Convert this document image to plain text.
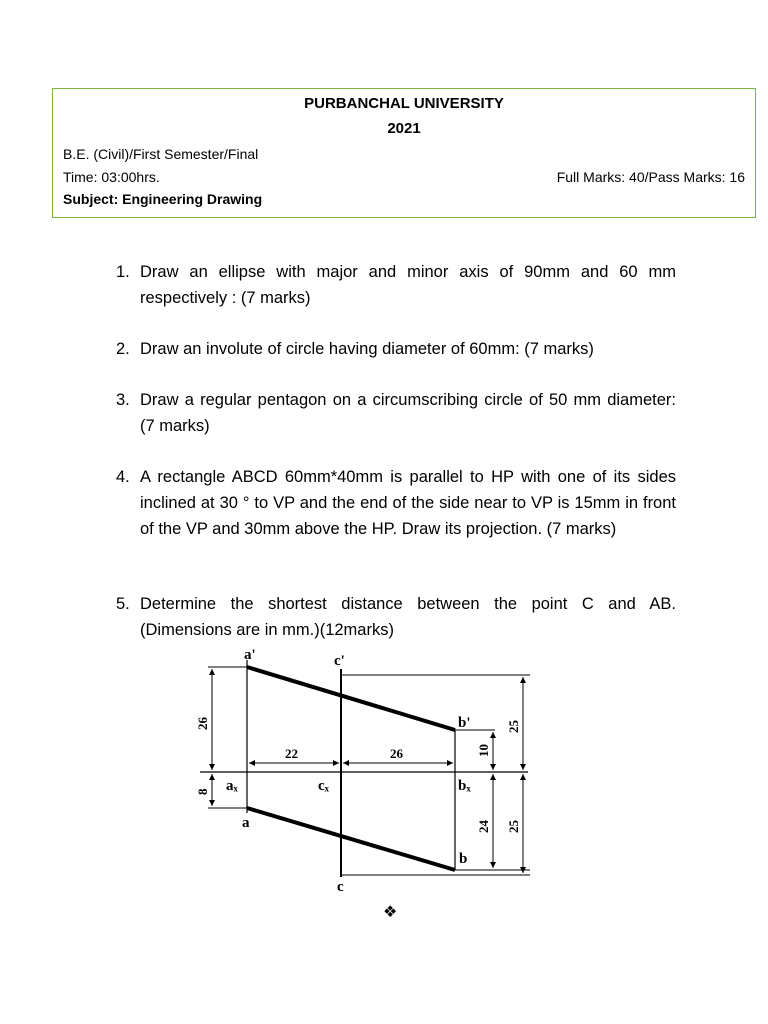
PURBANCHAL UNIVERSITY
2021
B.E. (Civil)/First Semester/Final
Time: 03:00hrs.	Full Marks: 40/Pass Marks: 16
Subject: Engineering Drawing
1. Draw an ellipse with major and minor axis of 90mm and 60 mm respectively : (7 marks)
2. Draw an involute of circle having diameter of 60mm: (7 marks)
3. Draw a regular pentagon on a circumscribing circle of 50 mm diameter: (7 marks)
4. A rectangle ABCD 60mm*40mm is parallel to HP with one of its sides inclined at 30 ° to VP and the end of the side near to VP is 15mm in front of the VP and 30mm above the HP. Draw its projection. (7 marks)
5. Determine the shortest distance between the point C and AB. (Dimensions are in mm.)(12marks)
a'	c'
b'
aₓ	cₓ	bₓ
a
b
c
26
8
22	26	10
25
24 25
❖
